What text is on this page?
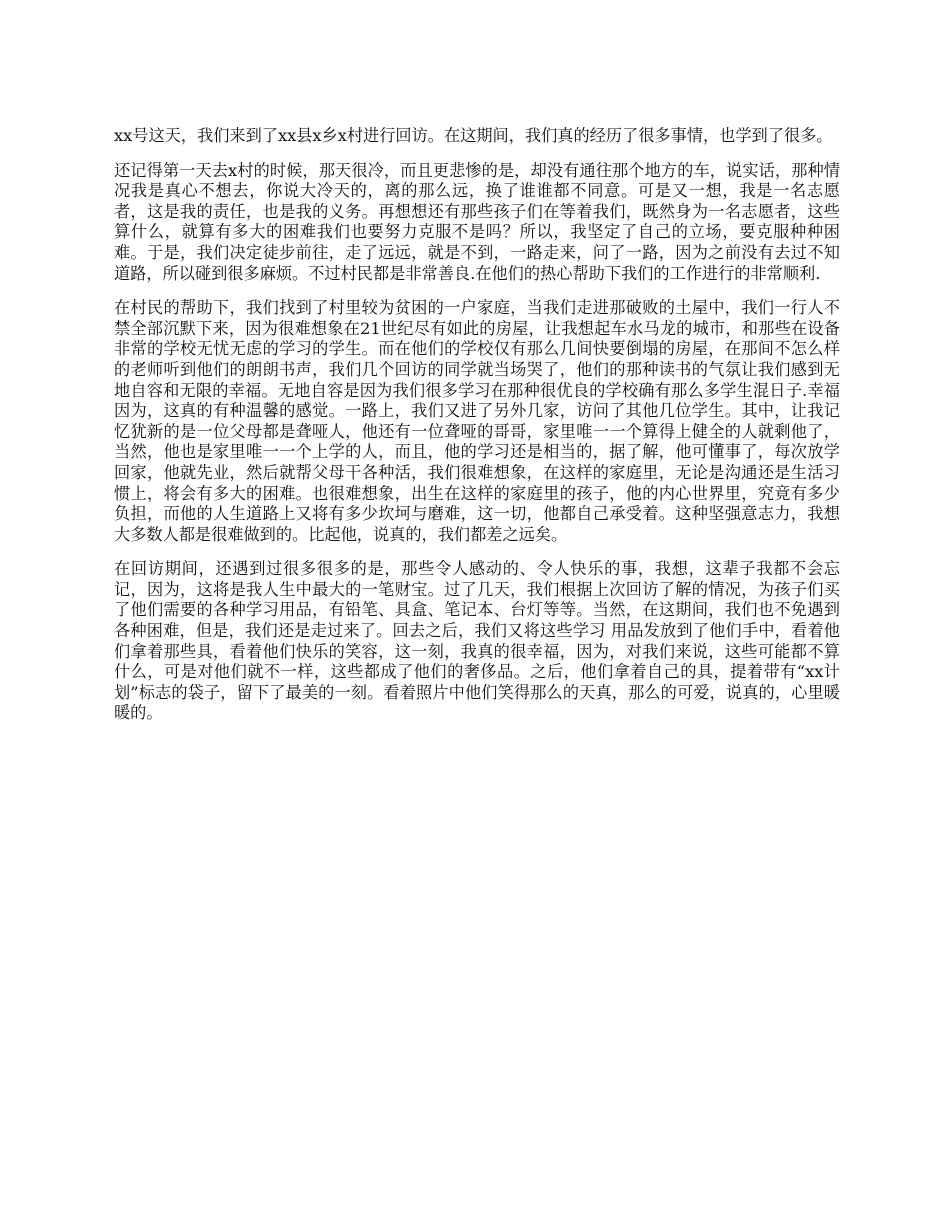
xx号这天，我们来到了xx县x乡x村进行回访。在这期间，我们真的经历了很多事情，也学到了很多。

还记得第一天去x村的时候，那天很冷，而且更悲惨的是，却没有通往那个地方的车，说实话，那种情况我是真心不想去，你说大冷天的，离的那么远，换了谁谁都不同意。可是又一想，我是一名志愿者，这是我的责任，也是我的义务。再想想还有那些孩子们在等着我们，既然身为一名志愿者，这些算什么，就算有多大的困难我们也要努力克服不是吗？所以，我坚定了自己的立场，要克服种种困难。于是，我们决定徒步前往，走了远远，就是不到，一路走来，问了一路，因为之前没有去过不知道路，所以碰到很多麻烦。不过村民都是非常善良.在他们的热心帮助下我们的工作进行的非常顺利.

在村民的帮助下，我们找到了村里较为贫困的一户家庭，当我们走进那破败的土屋中，我们一行人不禁全部沉默下来，因为很难想象在21世纪尽有如此的房屋，让我想起车水马龙的城市，和那些在设备非常的学校无忧无虑的学习的学生。而在他们的学校仅有那么几间快要倒塌的房屋，在那间不怎么样的老师听到他们的朗朗书声，我们几个回访的同学就当场哭了，他们的那种读书的气氛让我们感到无地自容和无限的幸福。无地自容是因为我们很多学习在那种很优良的学校确有那么多学生混日子.幸福因为，这真的有种温馨的感觉。一路上，我们又进了另外几家，访问了其他几位学生。其中，让我记忆犹新的是一位父母都是聋哑人，他还有一位聋哑的哥哥，家里唯一一个算得上健全的人就剩他了，当然，他也是家里唯一一个上学的人，而且，他的学习还是相当的，据了解，他可懂事了，每次放学回家，他就先业，然后就帮父母干各种活，我们很难想象，在这样的家庭里，无论是沟通还是生活习惯上，将会有多大的困难。也很难想象，出生在这样的家庭里的孩子，他的内心世界里，究竟有多少负担，而他的人生道路上又将有多少坎坷与磨难，这一切，他都自己承受着。这种坚强意志力，我想大多数人都是很难做到的。比起他，说真的，我们都差之远矣。

在回访期间，还遇到过很多很多的是，那些令人感动的、令人快乐的事，我想，这辈子我都不会忘记，因为，这将是我人生中最大的一笔财宝。过了几天，我们根据上次回访了解的情况，为孩子们买了他们需要的各种学习用品，有铅笔、具盒、笔记本、台灯等等。当然，在这期间，我们也不免遇到各种困难，但是，我们还是走过来了。回去之后，我们又将这些学习 用品发放到了他们手中，看着他们拿着那些具，看着他们快乐的笑容，这一刻，我真的很幸福，因为，对我们来说，这些可能都不算什么，可是对他们就不一样，这些都成了他们的奢侈品。之后，他们拿着自己的具，提着带有“xx计划”标志的袋子，留下了最美的一刻。看着照片中他们笑得那么的天真，那么的可爱，说真的，心里暖暖的。
